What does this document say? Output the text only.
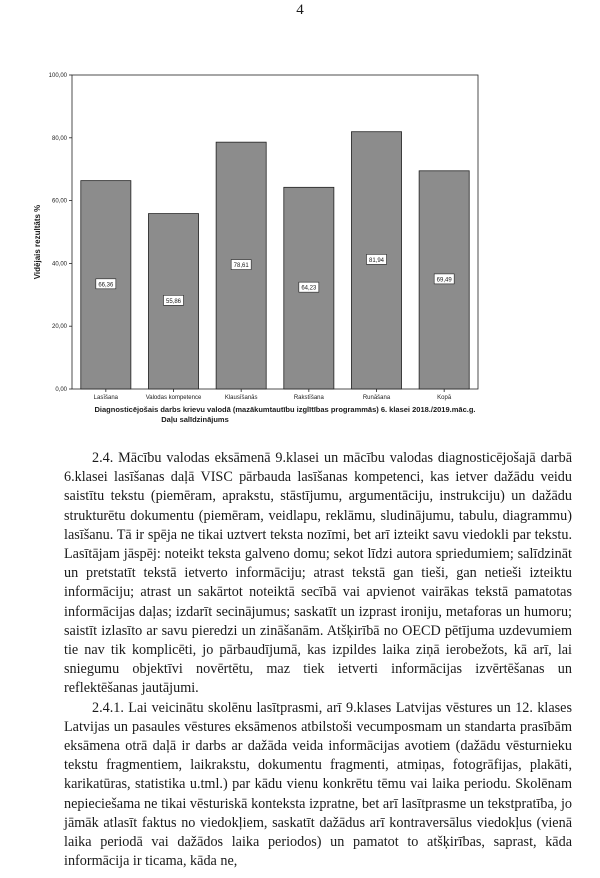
4
0,00
20,00
40,00
60,00
80,00
100,00
66,36
55,86
78,61
64,23
81,94
69,49
Lasīšana	Valodas kompetence	Klausīšanās	Rakstīšana	Runāšana	Kopā
Vidējais rezultāts %
Diagnosticējošais darbs krievu valodā (mazākumtautību izglītības programmās) 6. klasei 2018./2019.māc.g.
Daļu salīdzinājums

2.4. Mācību valodas eksāmenā 9.klasei un mācību valodas diagnosticējošajā darbā 6.klasei lasīšanas daļā VISC pārbauda lasīšanas kompetenci, kas ietver dažādu veidu saistītu tekstu (piemēram, aprakstu, stāstījumu, argumentāciju, instrukciju) un dažādu strukturētu dokumentu (piemēram, veidlapu, reklāmu, sludinājumu, tabulu, diagrammu) lasīšanu. Tā ir spēja ne tikai uztvert teksta nozīmi, bet arī izteikt savu viedokli par tekstu. Lasītājam jāspēj: noteikt teksta galveno domu; sekot līdzi autora spriedumiem; salīdzināt un pretstatīt tekstā ietverto informāciju; atrast tekstā gan tieši, gan netieši izteiktu informāciju; atrast un sakārtot noteiktā secībā vai apvienot vairākas tekstā pamatotas informācijas daļas; izdarīt secinājumus; saskatīt un izprast ironiju, metaforas un humoru; saistīt izlasīto ar savu pieredzi un zināšanām. Atšķirībā no OECD pētījuma uzdevumiem tie nav tik komplicēti, jo pārbaudījumā, kas izpildes laika ziņā ierobežots, kā arī, lai sniegumu objektīvi novērtētu, maz tiek ietverti informācijas izvērtēšanas un reflektēšanas jautājumi.

2.4.1. Lai veicinātu skolēnu lasītprasmi, arī 9.klases Latvijas vēstures un 12. klases Latvijas un pasaules vēstures eksāmenos atbilstoši vecumposmam un standarta prasībām eksāmena otrā daļā ir darbs ar dažāda veida informācijas avotiem (dažādu vēsturnieku tekstu fragmentiem, laikrakstu, dokumentu fragmenti, atmiņas, fotogrāfijas, plakāti, karikatūras, statistika u.tml.) par kādu vienu konkrētu tēmu vai laika periodu. Skolēnam nepieciešama ne tikai vēsturiskā konteksta izpratne, bet arī lasītprasme un tekstpratība, jo jāmāk atlasīt faktus no viedokļiem, saskatīt dažādus arī kontraversālus viedokļus (vienā laika periodā vai dažādos laika periodos) un pamatot to atšķirības, saprast, kāda informācija ir ticama, kāda ne,
